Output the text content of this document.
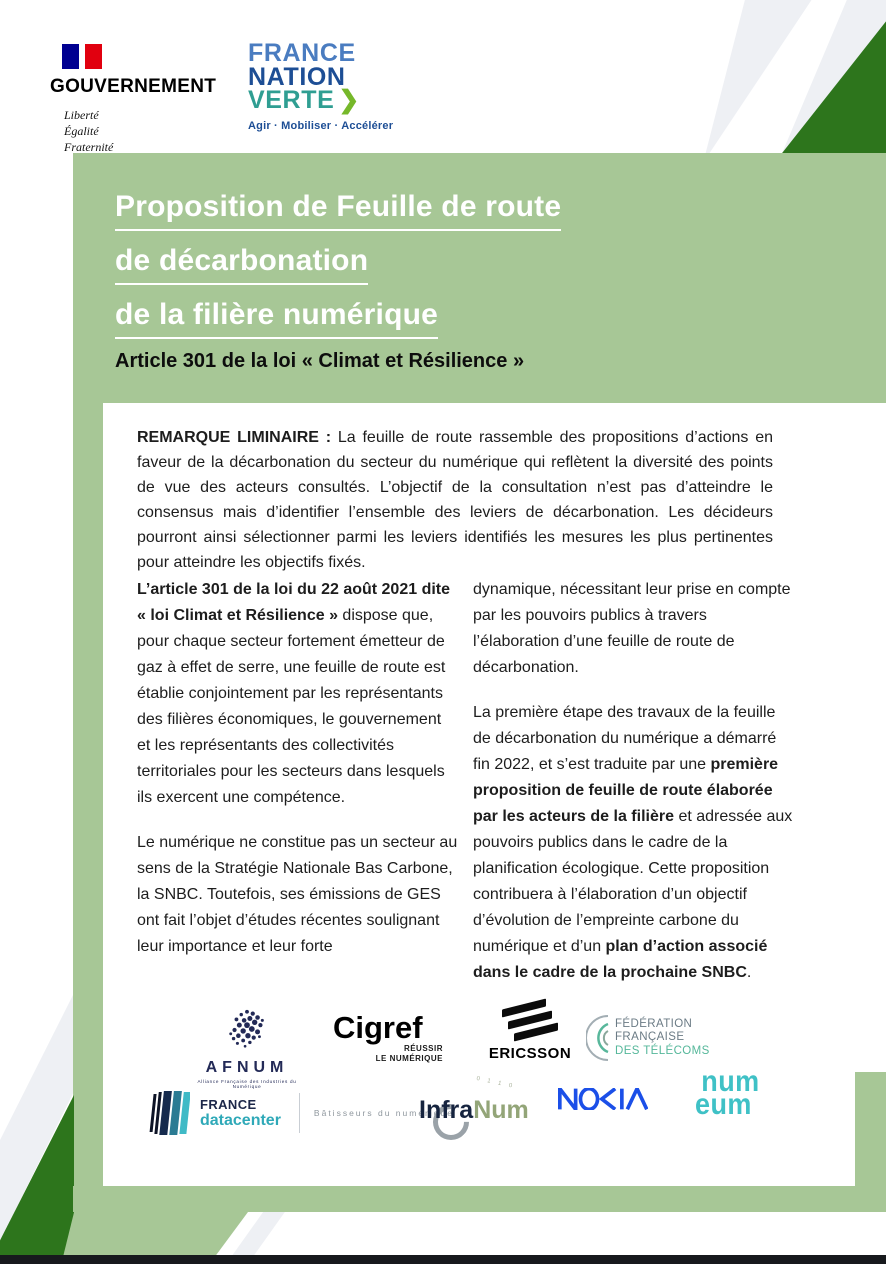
GOUVERNEMENT
Liberté
Égalité
Fraternité
FRANCE
NATION
VERTE ❯
Agir · Mobiliser · Accélérer
Proposition de Feuille de route
de décarbonation
de la filière numérique
Article 301 de la loi « Climat et Résilience »
REMARQUE LIMINAIRE : La feuille de route rassemble des propositions d’actions en faveur de la décarbonation du secteur du numérique qui reflètent la diversité des points de vue des acteurs consultés. L’objectif de la consultation n’est pas d’atteindre le consensus mais d’identifier l’ensemble des leviers de décarbonation. Les décideurs pourront ainsi sélectionner parmi les leviers identifiés les mesures les plus pertinentes pour atteindre les objectifs fixés.

L’article 301 de la loi du 22 août 2021 dite « loi Climat et Résilience » dispose que, pour chaque secteur fortement émetteur de gaz à effet de serre, une feuille de route est établie conjointement par les représentants des filières économiques, le gouvernement et les représentants des collectivités territoriales pour les secteurs dans lesquels ils exercent une compétence.

Le numérique ne constitue pas un secteur au sens de la Stratégie Nationale Bas Carbone, la SNBC. Toutefois, ses émissions de GES ont fait l’objet d’études récentes soulignant leur importance et leur forte

dynamique, nécessitant leur prise en compte par les pouvoirs publics à travers l’élaboration d’une feuille de route de décarbonation.

La première étape des travaux de la feuille de décarbonation du numérique a démarré fin 2022, et s’est traduite par une première proposition de feuille de route élaborée par les acteurs de la filière et adressée aux pouvoirs publics dans le cadre de la planification écologique. Cette proposition contribuera à l’élaboration d’un objectif d’évolution de l’empreinte carbone du numérique et d’un plan d’action associé dans le cadre de la prochaine SNBC.

AFNUM
Alliance Française des Industries du Numérique
Cigref
RÉUSSIR
LE NUMÉRIQUE	ERICSSON
FÉDÉRATION
FRANÇAISE
DES TÉLÉCOMS
FRANCE
datacenter	Bâtisseurs du numérique
0 1 1 0
InfraNum
num
eum
